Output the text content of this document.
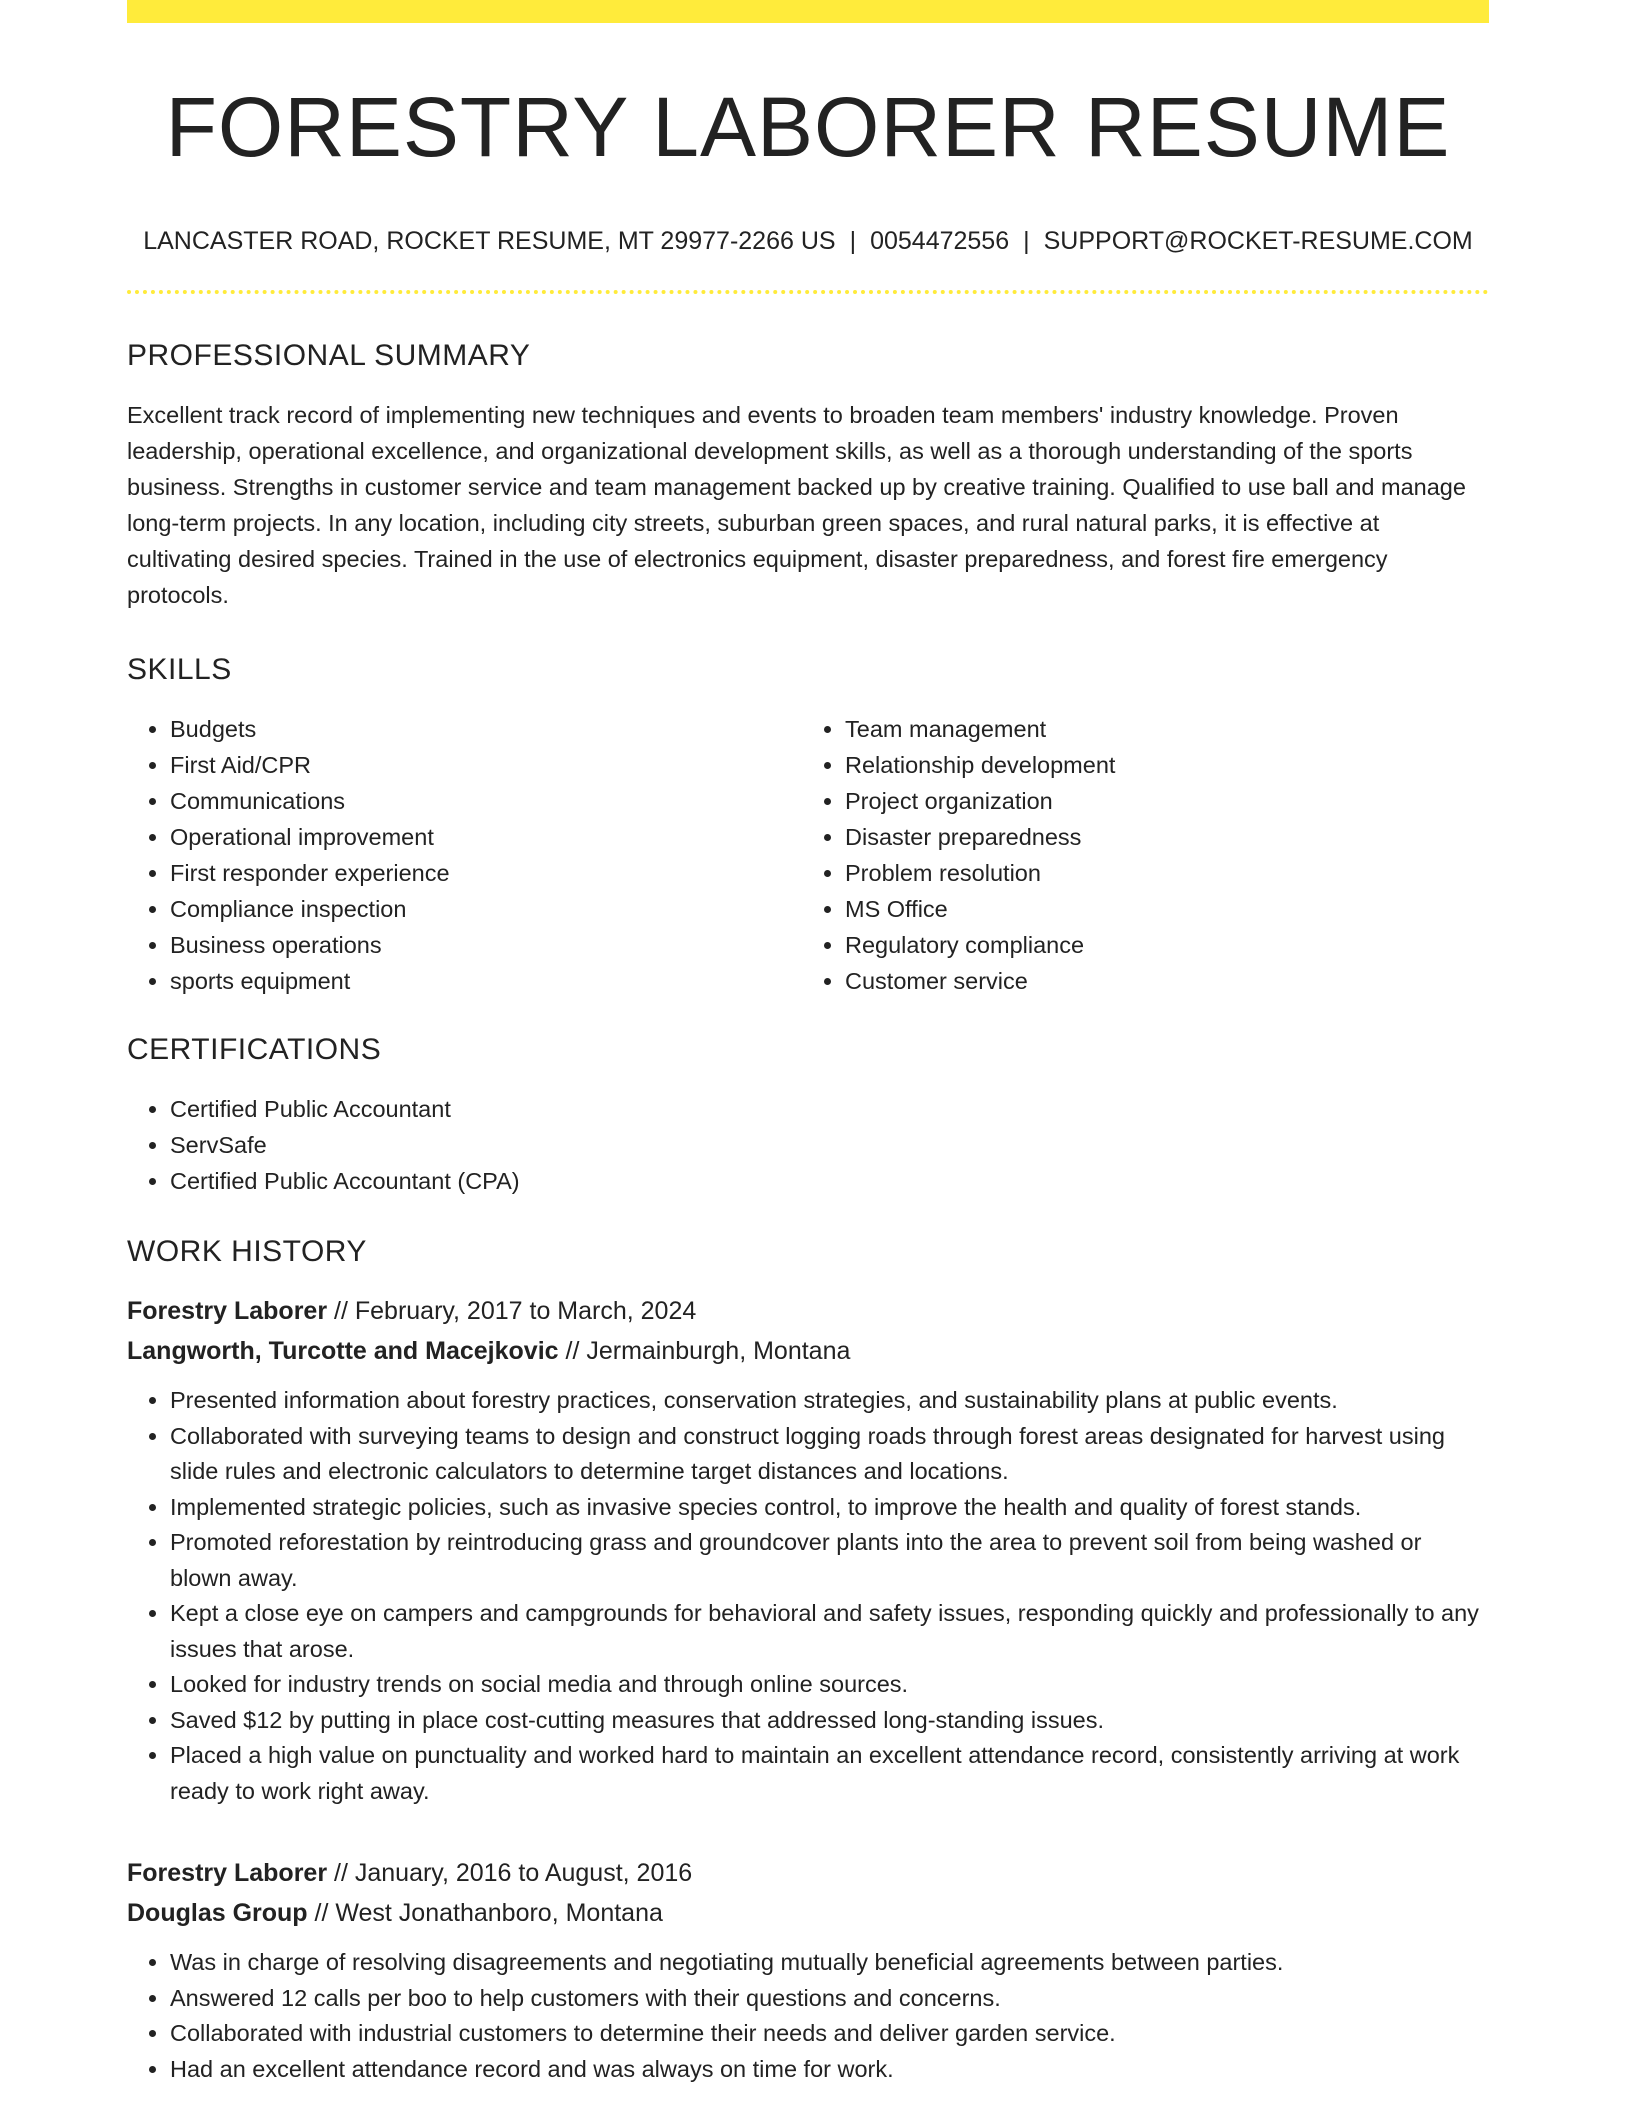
FORESTRY LABORER RESUME
LANCASTER ROAD, ROCKET RESUME, MT 29977-2266 US | 0054472556 | SUPPORT@ROCKET-RESUME.COM
PROFESSIONAL SUMMARY

Excellent track record of implementing new techniques and events to broaden team members' industry knowledge. Proven leadership, operational excellence, and organizational development skills, as well as a thorough understanding of the sports business. Strengths in customer service and team management backed up by creative training. Qualified to use ball and manage long-term projects. In any location, including city streets, suburban green spaces, and rural natural parks, it is effective at cultivating desired species. Trained in the use of electronics equipment, disaster preparedness, and forest fire emergency protocols.

SKILLS
• Budgets
• First Aid/CPR
• Communications
• Operational improvement
• First responder experience
• Compliance inspection
• Business operations
• sports equipment
• Team management
• Relationship development
• Project organization
• Disaster preparedness
• Problem resolution
• MS Office
• Regulatory compliance
• Customer service
CERTIFICATIONS
• Certified Public Accountant
• ServSafe
• Certified Public Accountant (CPA)
WORK HISTORY
Forestry Laborer // February, 2017 to March, 2024
Langworth, Turcotte and Macejkovic // Jermainburgh, Montana
• Presented information about forestry practices, conservation strategies, and sustainability plans at public events.
• Collaborated with surveying teams to design and construct logging roads through forest areas designated for harvest using slide rules and electronic calculators to determine target distances and locations.
• Implemented strategic policies, such as invasive species control, to improve the health and quality of forest stands.
• Promoted reforestation by reintroducing grass and groundcover plants into the area to prevent soil from being washed or blown away.
• Kept a close eye on campers and campgrounds for behavioral and safety issues, responding quickly and professionally to any issues that arose.
• Looked for industry trends on social media and through online sources.
• Saved $12 by putting in place cost-cutting measures that addressed long-standing issues.
• Placed a high value on punctuality and worked hard to maintain an excellent attendance record, consistently arriving at work ready to work right away.
Forestry Laborer // January, 2016 to August, 2016
Douglas Group // West Jonathanboro, Montana
• Was in charge of resolving disagreements and negotiating mutually beneficial agreements between parties.
• Answered 12 calls per boo to help customers with their questions and concerns.
• Collaborated with industrial customers to determine their needs and deliver garden service.
• Had an excellent attendance record and was always on time for work.
